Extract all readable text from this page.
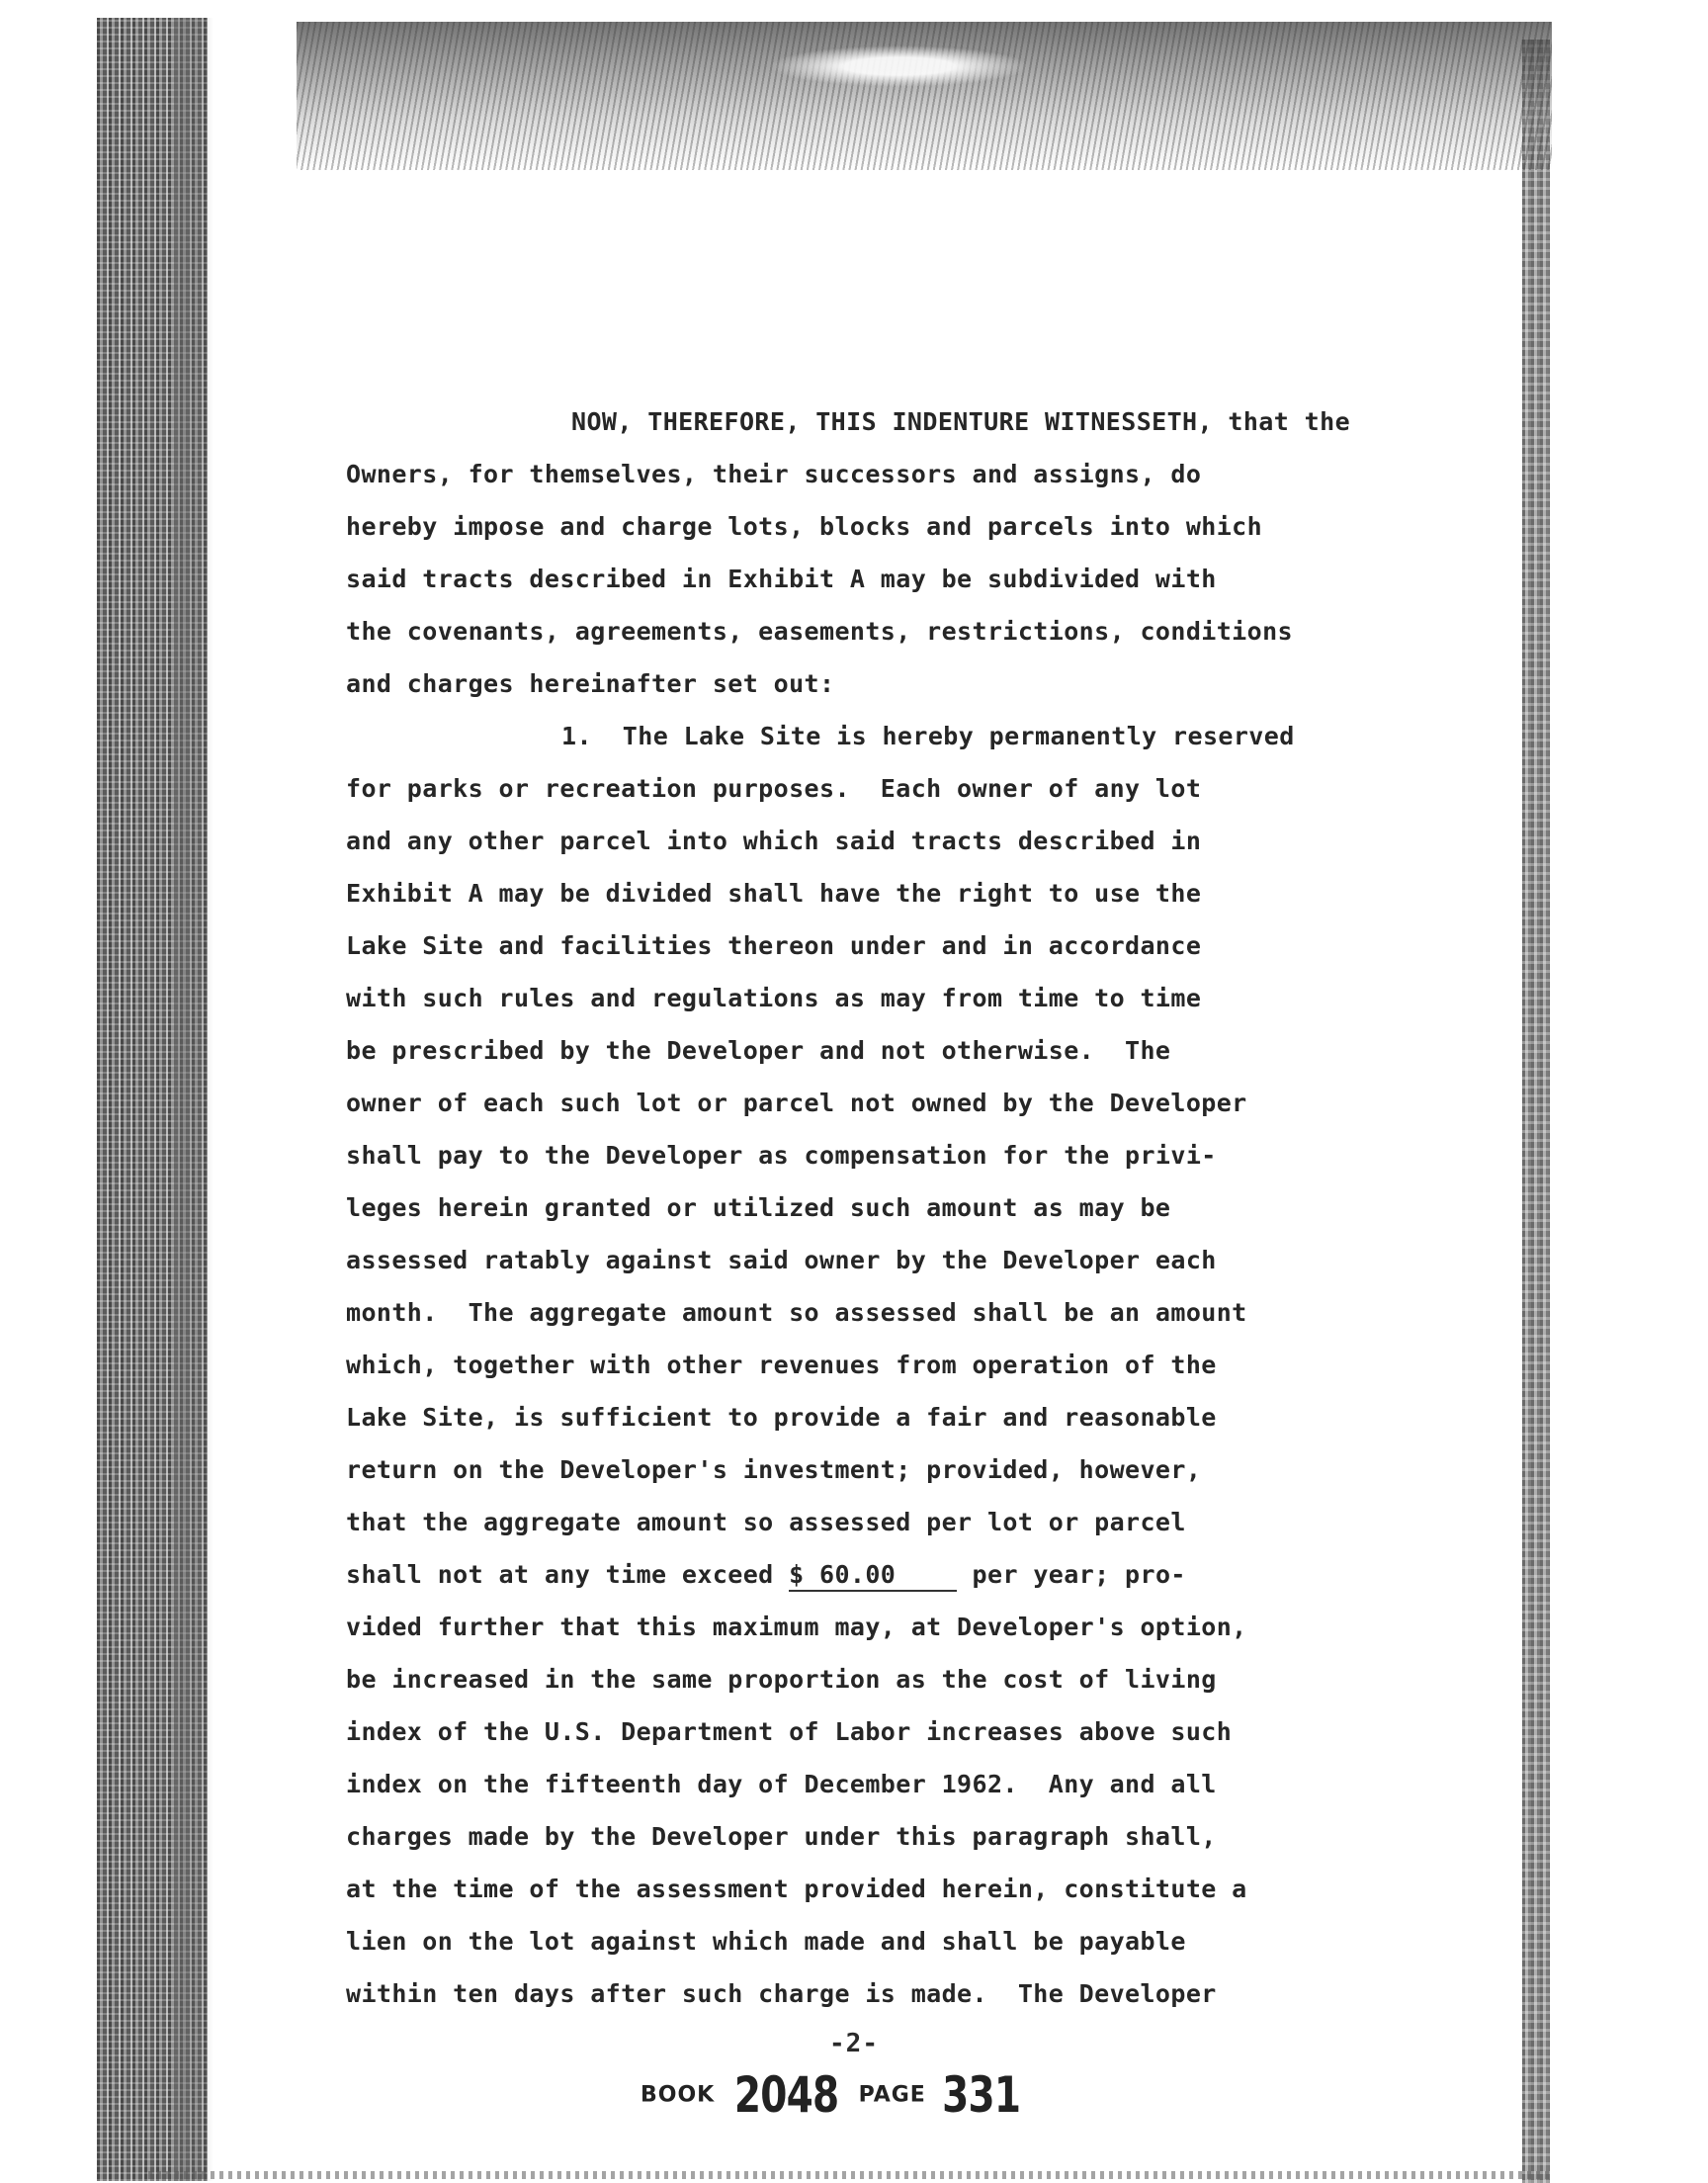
NOW, THEREFORE, THIS INDENTURE WITNESSETH, that the
Owners, for themselves, their successors and assigns, do
hereby impose and charge lots, blocks and parcels into which
said tracts described in Exhibit A may be subdivided with
the covenants, agreements, easements, restrictions, conditions
and charges hereinafter set out:
1.  The Lake Site is hereby permanently reserved
for parks or recreation purposes.  Each owner of any lot
and any other parcel into which said tracts described in
Exhibit A may be divided shall have the right to use the
Lake Site and facilities thereon under and in accordance
with such rules and regulations as may from time to time
be prescribed by the Developer and not otherwise.  The
owner of each such lot or parcel not owned by the Developer
shall pay to the Developer as compensation for the privi-
leges herein granted or utilized such amount as may be
assessed ratably against said owner by the Developer each
month.  The aggregate amount so assessed shall be an amount
which, together with other revenues from operation of the
Lake Site, is sufficient to provide a fair and reasonable
return on the Developer's investment; provided, however,
that the aggregate amount so assessed per lot or parcel
shall not at any time exceed $ 60.00 per year; pro-
vided further that this maximum may, at Developer's option,
be increased in the same proportion as the cost of living
index of the U.S. Department of Labor increases above such
index on the fifteenth day of December 1962.  Any and all
charges made by the Developer under this paragraph shall,
at the time of the assessment provided herein, constitute a
lien on the lot against which made and shall be payable
within ten days after such charge is made.  The Developer
-2-
BOOK 2048 PAGE 331
